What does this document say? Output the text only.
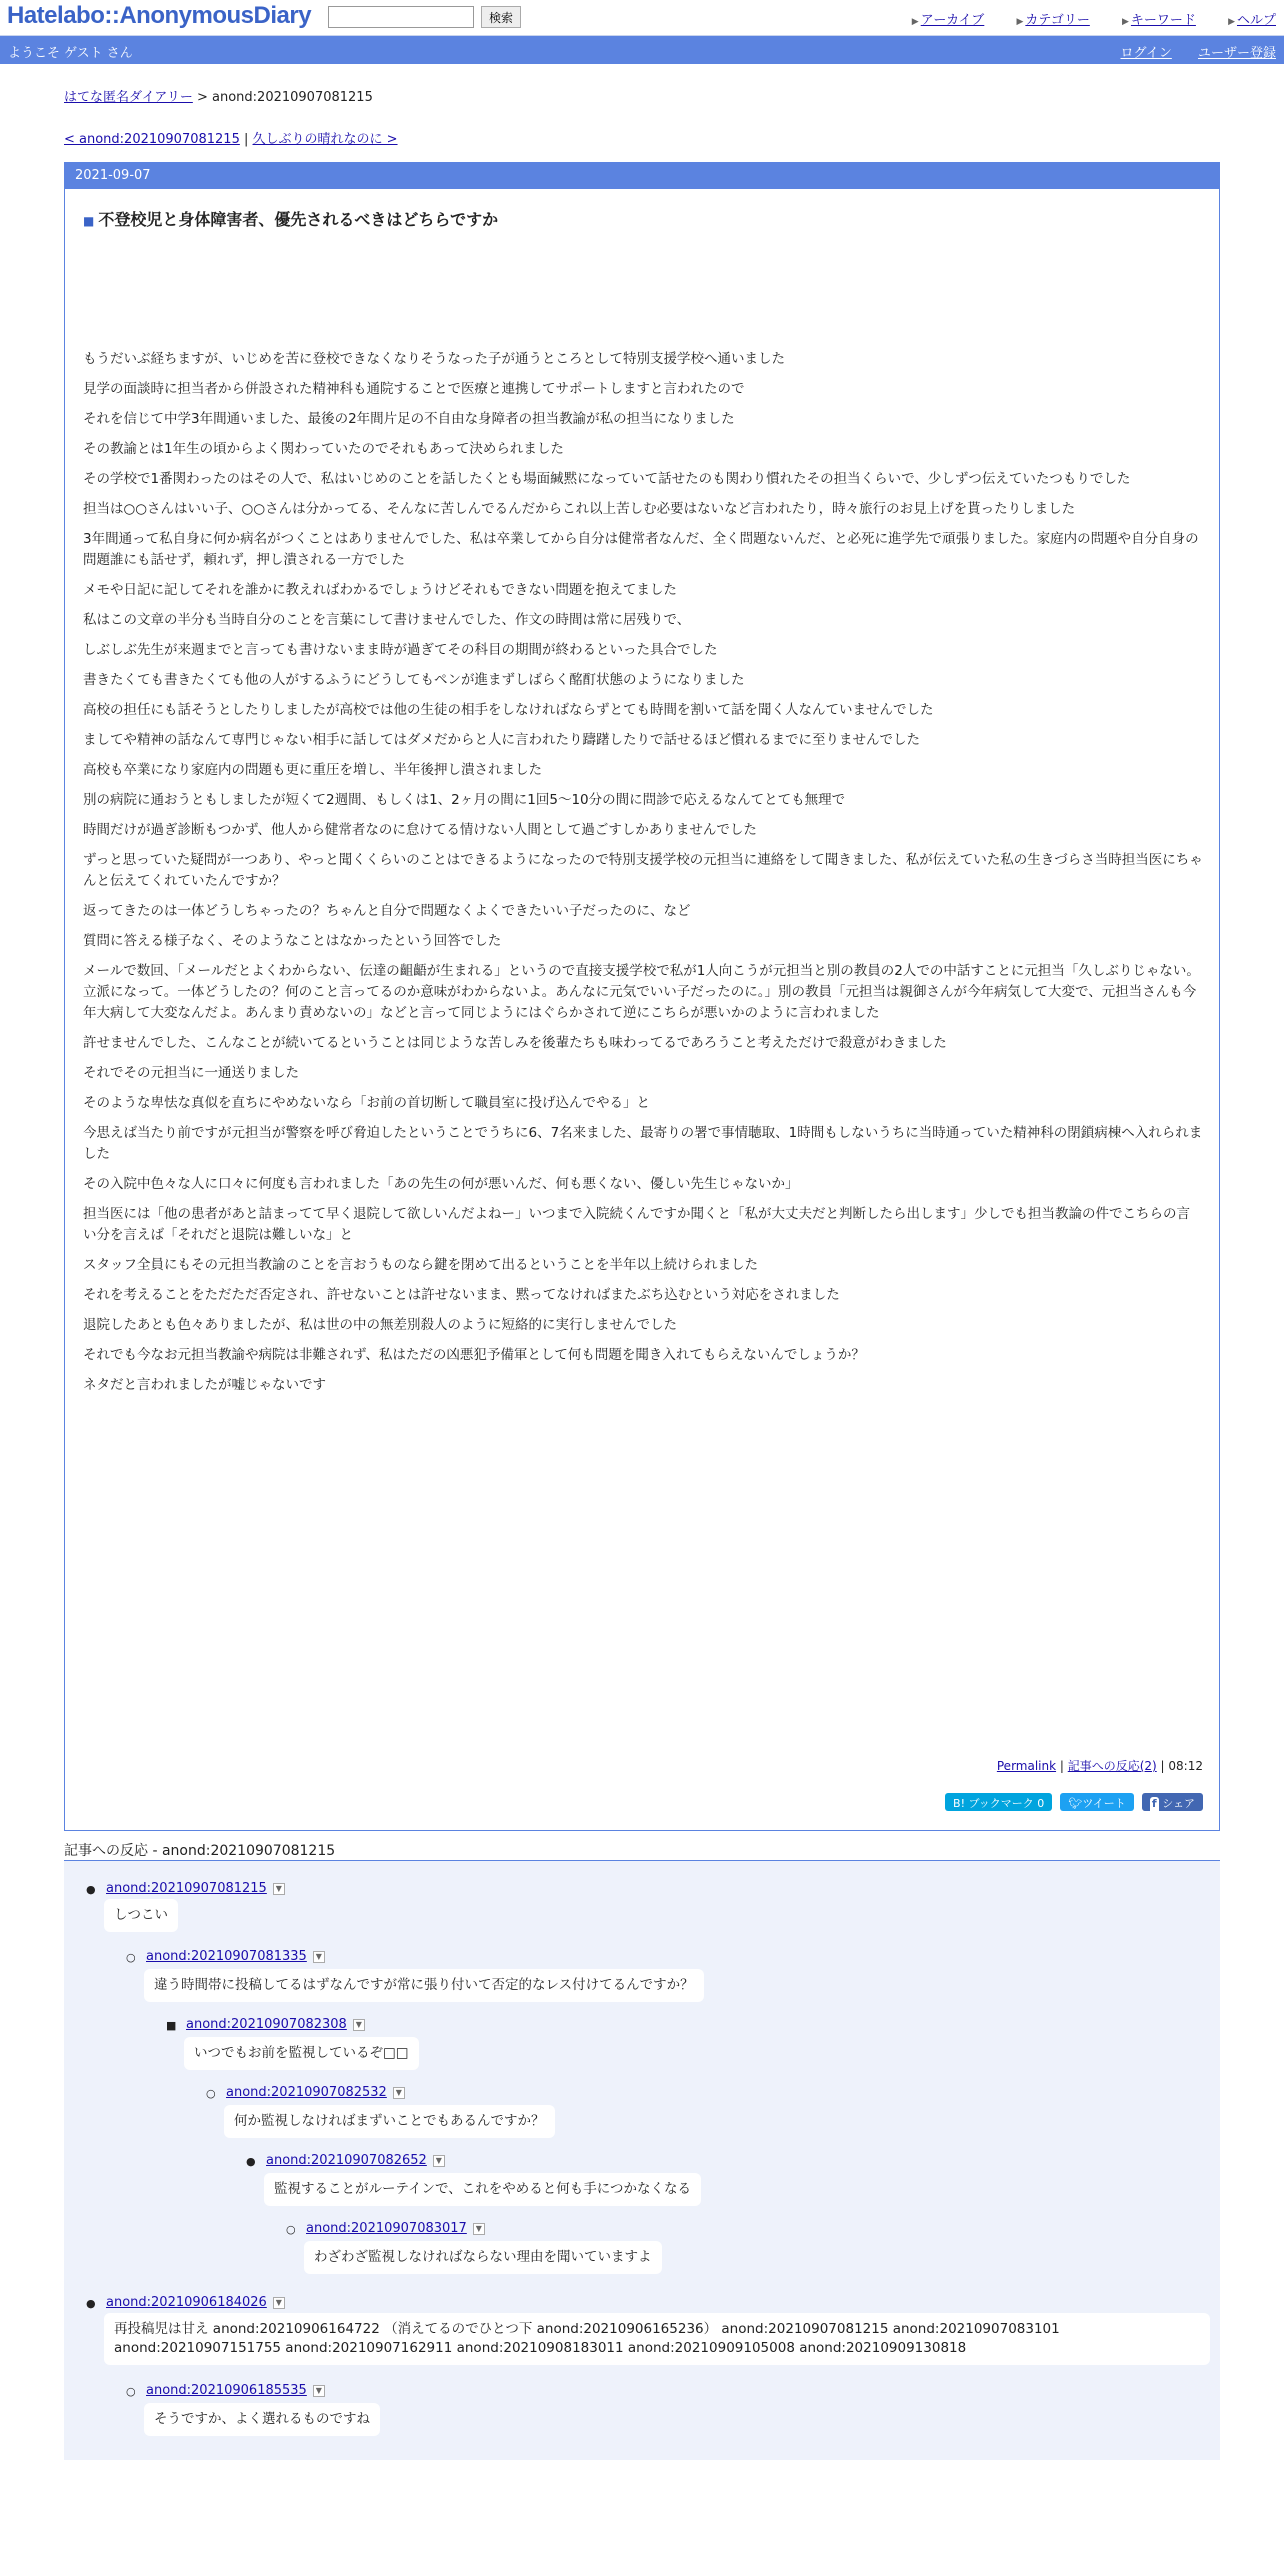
Hatelabo::AnonymousDiary	検索	▶ アーカイブ	▶ カテゴリー	▶ キーワード	▶ ヘルプ
ようこそ ゲスト さん	ログイン ユーザー登録
はてな匿名ダイアリー > anond:20210907081215
< anond:20210907081215 | 久しぶりの晴れなのに >
2021-09-07
■ 不登校児と身体障害者、優先されるべきはどちらですか

もうだいぶ経ちますが、いじめを苦に登校できなくなりそうなった子が通うところとして特別支援学校へ通いました

見学の面談時に担当者から併設された精神科も通院することで医療と連携してサポートしますと言われたので

それを信じて中学3年間通いました、最後の2年間片足の不自由な身障者の担当教諭が私の担当になりました

その教諭とは1年生の頃からよく関わっていたのでそれもあって決められました

その学校で1番関わったのはその人で、私はいじめのことを話したくとも場面緘黙になっていて話せたのも関わり慣れたその担当くらいで、少しずつ伝えていたつもりでした

担当は○○さんはいい子、○○さんは分かってる、そんなに苦しんでるんだからこれ以上苦しむ必要はないなど言われたり，時々旅行のお見上げを貰ったりしました

3年間通って私自身に何か病名がつくことはありませんでした、私は卒業してから自分は健常者なんだ、全く問題ないんだ、と必死に進学先で頑張りました。家庭内の問題や自分自身の問題誰にも話せず，頼れず，押し潰される一方でした

メモや日記に記してそれを誰かに教えればわかるでしょうけどそれもできない問題を抱えてました

私はこの文章の半分も当時自分のことを言葉にして書けませんでした、作文の時間は常に居残りで、

しぶしぶ先生が来週までと言っても書けないまま時が過ぎてその科目の期間が終わるといった具合でした

書きたくても書きたくても他の人がするふうにどうしてもペンが進まずしばらく酩酊状態のようになりました

高校の担任にも話そうとしたりしましたが高校では他の生徒の相手をしなければならずとても時間を割いて話を聞く人なんていませんでした

ましてや精神の話なんて専門じゃない相手に話してはダメだからと人に言われたり躊躇したりで話せるほど慣れるまでに至りませんでした

高校も卒業になり家庭内の問題も更に重圧を増し、半年後押し潰されました

別の病院に通おうともしましたが短くて2週間、もしくは1、2ヶ月の間に1回5〜10分の間に問診で応えるなんてとても無理で

時間だけが過ぎ診断もつかず、他人から健常者なのに怠けてる情けない人間として過ごすしかありませんでした

ずっと思っていた疑問が一つあり、やっと聞くくらいのことはできるようになったので特別支援学校の元担当に連絡をして聞きました、私が伝えていた私の生きづらさ当時担当医にちゃんと伝えてくれていたんですか？

返ってきたのは一体どうしちゃったの？ちゃんと自分で問題なくよくできたいい子だったのに、など

質問に答える様子なく、そのようなことはなかったという回答でした

メールで数回、「メールだとよくわからない、伝達の齟齬が生まれる」というので直接支援学校で私が1人向こうが元担当と別の教員の2人での中話すことに元担当「久しぶりじゃない。立派になって。一体どうしたの？何のこと言ってるのか意味がわからないよ。あんなに元気でいい子だったのに。」別の教員「元担当は親御さんが今年病気して大変で、元担当さんも今年大病して大変なんだよ。あんまり責めないの」などと言って同じようにはぐらかされて逆にこちらが悪いかのように言われました

許せませんでした、こんなことが続いてるということは同じような苦しみを後輩たちも味わってるであろうこと考えただけで殺意がわきました

それでその元担当に一通送りました

そのような卑怯な真似を直ちにやめないなら「お前の首切断して職員室に投げ込んでやる」と

今思えば当たり前ですが元担当が警察を呼び脅迫したということでうちに6、7名来ました、最寄りの署で事情聴取、1時間もしないうちに当時通っていた精神科の閉鎖病棟へ入れられました

その入院中色々な人に口々に何度も言われました「あの先生の何が悪いんだ、何も悪くない、優しい先生じゃないか」

担当医には「他の患者があと詰まってて早く退院して欲しいんだよねー」いつまで入院続くんですか聞くと「私が大丈夫だと判断したら出します」少しでも担当教論の件でこちらの言い分を言えば「それだと退院は難しいな」と

スタッフ全員にもその元担当教諭のことを言おうものなら鍵を閉めて出るということを半年以上続けられました

それを考えることをただただ否定され、許せないことは許せないまま、黙ってなければまたぶち込むという対応をされました

退院したあとも色々ありましたが、私は世の中の無差別殺人のように短絡的に実行しませんでした

それでも今なお元担当教諭や病院は非難されず、私はただの凶悪犯予備軍として何も問題を聞き入れてもらえないんでしょうか？

ネタだと言われましたが嘘じゃないです

Permalink | 記事への反応(2) | 08:12
B! ブックマーク 0 🐦︎ツイート f シェア
記事への反応 - anond:20210907081215
● anond:20210907081215 ▼
しつこい
○ anond:20210907081335 ▼
違う時間帯に投稿してるはずなんですが常に張り付いて否定的なレス付けてるんですか？
■ anond:20210907082308 ▼
いつでもお前を監視しているぞ□□
○ anond:20210907082532 ▼
何か監視しなければまずいことでもあるんですか？
● anond:20210907082652 ▼
監視することがルーテインで、これをやめると何も手につかなくなる
○ anond:20210907083017 ▼
わざわざ監視しなければならない理由を聞いていますよ
● anond:20210906184026 ▼
再投稿児は甘え anond:20210906164722 （消えてるのでひとつ下 anond:20210906165236） anond:20210907081215 anond:20210907083101 anond:20210907151755 anond:20210907162911 anond:20210908183011 anond:20210909105008 anond:20210909130818
○ anond:20210906185535 ▼
そうですか、よく選れるものですね
